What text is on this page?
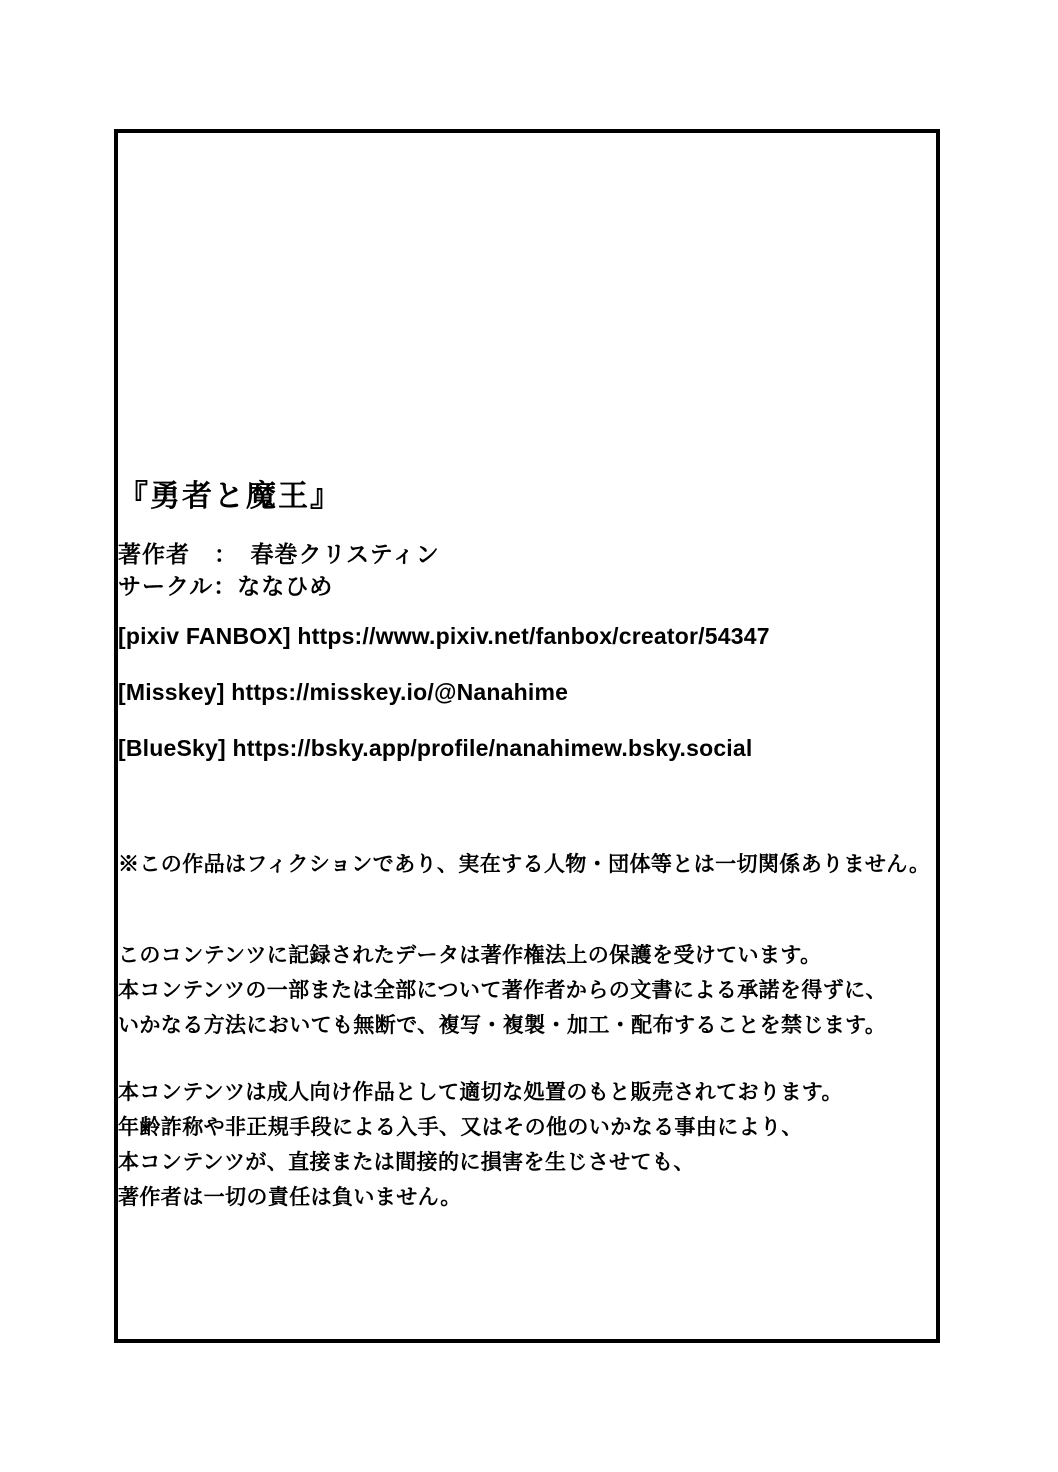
『勇者と魔王』
著作者　：　春巻クリスティン
サークル：ななひめ
[pixiv FANBOX] https://www.pixiv.net/fanbox/creator/54347
[Misskey] https://misskey.io/@Nanahime
[BlueSky] https://bsky.app/profile/nanahimew.bsky.social
※この作品はフィクションであり、実在する人物・団体等とは一切関係ありません。
このコンテンツに記録されたデータは著作権法上の保護を受けています。
本コンテンツの一部または全部について著作者からの文書による承諾を得ずに、
いかなる方法においても無断で、複写・複製・加工・配布することを禁じます。
本コンテンツは成人向け作品として適切な処置のもと販売されております。
年齢詐称や非正規手段による入手、又はその他のいかなる事由により、
本コンテンツが、直接または間接的に損害を生じさせても、
著作者は一切の責任は負いません。
